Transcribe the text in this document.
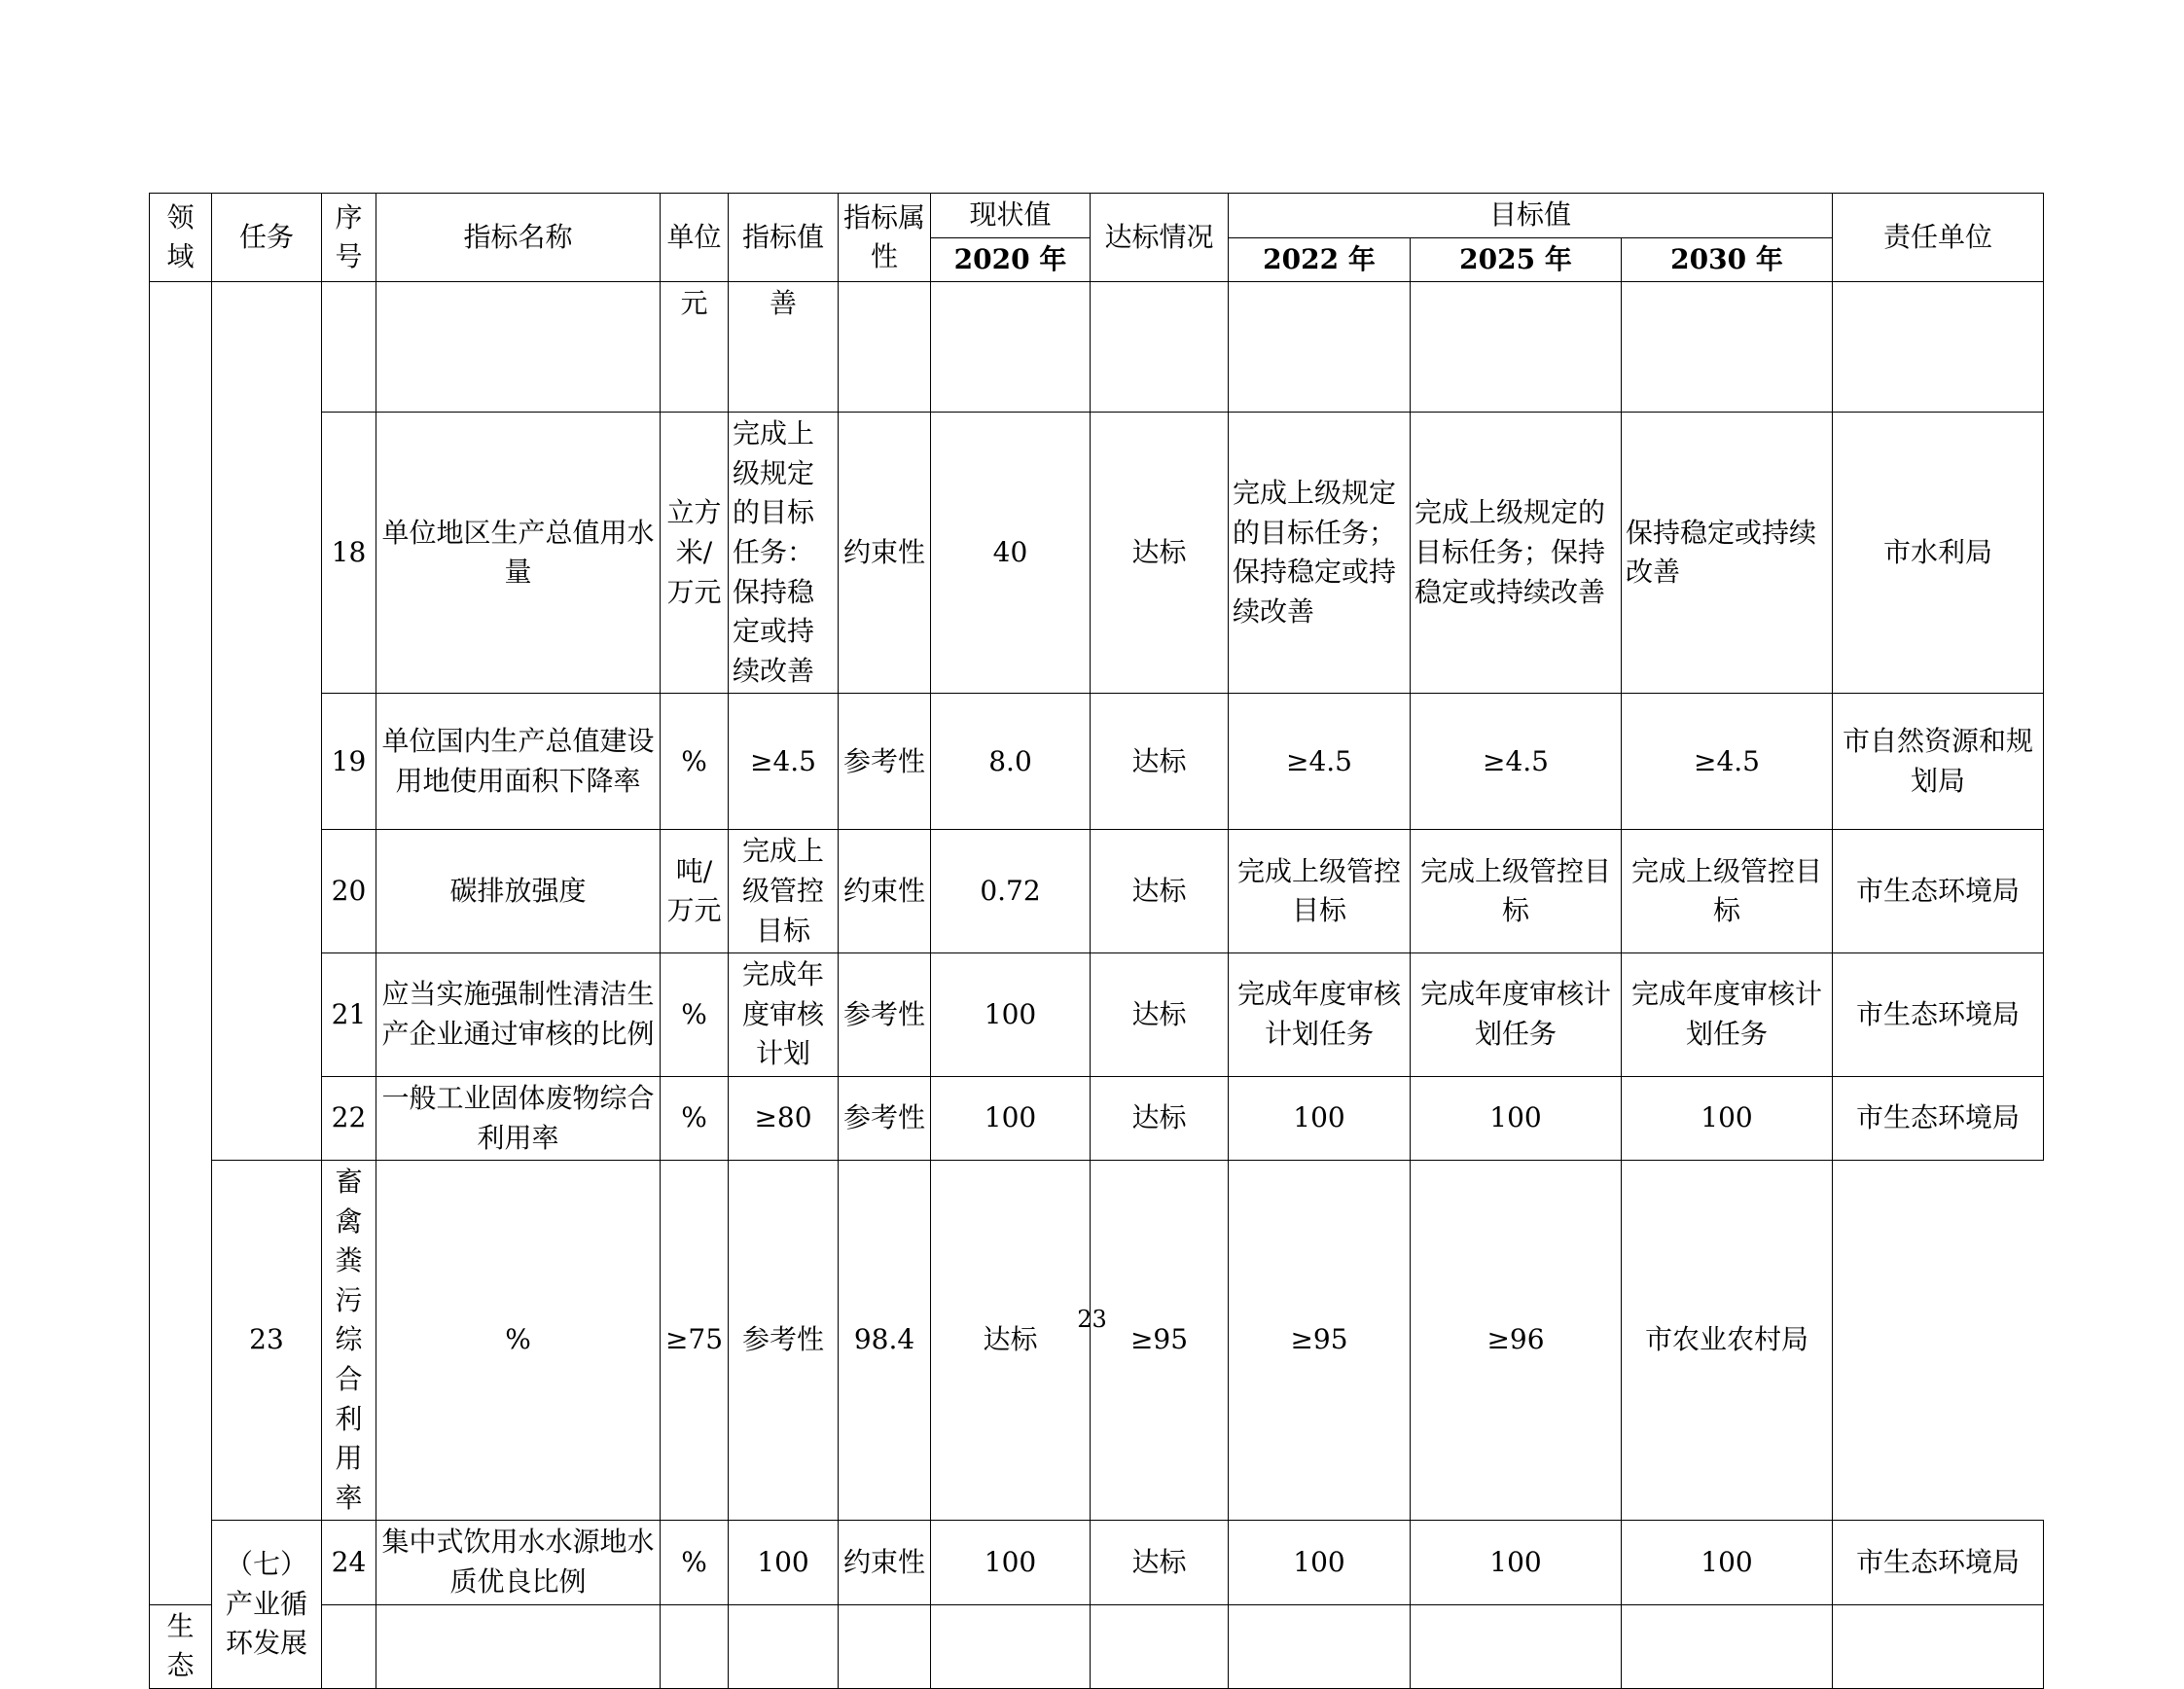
领域	任务	序号	指标名称	单位	指标值	指标属性	现状值	达标情况	目标值			责任单位	
							2020 年		2022 年	2025 年	2030 年		
				元	善								
		18	单位地区生产总值用水量	立方米/万元	完成上级规定的目标任务：保持稳定或持续改善	约束性	40	达标	完成上级规定的目标任务；保持稳定或持续改善	完成上级规定的目标任务；保持稳定或持续改善	保持稳定或持续改善	市水利局	
		19	单位国内生产总值建设用地使用面积下降率	%	≥4.5	参考性	8.0	达标	≥4.5	≥4.5	≥4.5	市自然资源和规划局	
		20	碳排放强度	吨/万元	完成上级管控目标	约束性	0.72	达标	完成上级管控目标	完成上级管控目标	完成上级管控目标	市生态环境局	
		21	应当实施强制性清洁生产企业通过审核的比例	%	完成年度审核计划	参考性	100	达标	完成年度审核计划任务	完成年度审核计划任务	完成年度审核计划任务	市生态环境局	
		22	一般工业固体废物综合利用率	%	≥80	参考性	100	达标	100	100	100	市生态环境局	
	23	畜禽粪污综合利用率	%	≥75	参考性	98.4	达标	≥95	≥95	≥96	市农业农村局		
	（七）产业循环发展	24	集中式饮用水水源地水质优良比例	%	100	约束性	100	达标	100	100	100	市生态环境局	
生态													
23
